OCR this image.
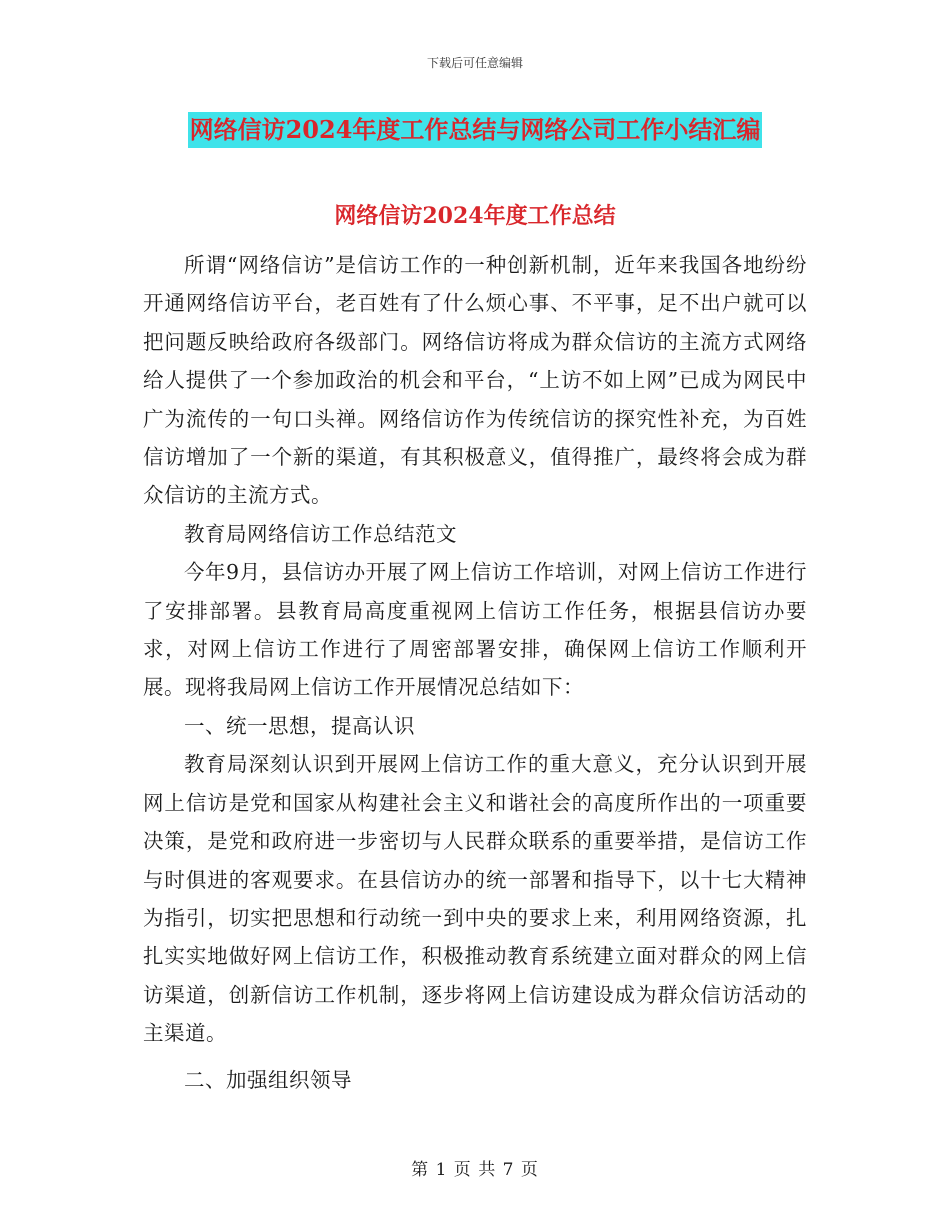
下载后可任意编辑
网络信访2024年度工作总结与网络公司工作小结汇编
网络信访2024年度工作总结

所谓“网络信访”是信访工作的一种创新机制，近年来我国各地纷纷开通网络信访平台，老百姓有了什么烦心事、不平事，足不出户就可以把问题反映给政府各级部门。网络信访将成为群众信访的主流方式网络给人提供了一个参加政治的机会和平台，“上访不如上网”已成为网民中广为流传的一句口头禅。网络信访作为传统信访的探究性补充，为百姓信访增加了一个新的渠道，有其积极意义，值得推广，最终将会成为群众信访的主流方式。

教育局网络信访工作总结范文

今年9月，县信访办开展了网上信访工作培训，对网上信访工作进行了安排部署。县教育局高度重视网上信访工作任务，根据县信访办要求，对网上信访工作进行了周密部署安排，确保网上信访工作顺利开展。现将我局网上信访工作开展情况总结如下：

一、统一思想，提高认识

教育局深刻认识到开展网上信访工作的重大意义，充分认识到开展网上信访是党和国家从构建社会主义和谐社会的高度所作出的一项重要决策，是党和政府进一步密切与人民群众联系的重要举措，是信访工作与时俱进的客观要求。在县信访办的统一部署和指导下，以十七大精神为指引，切实把思想和行动统一到中央的要求上来，利用网络资源，扎扎实实地做好网上信访工作，积极推动教育系统建立面对群众的网上信访渠道，创新信访工作机制，逐步将网上信访建设成为群众信访活动的主渠道。

二、加强组织领导

第 1 页 共 7 页
